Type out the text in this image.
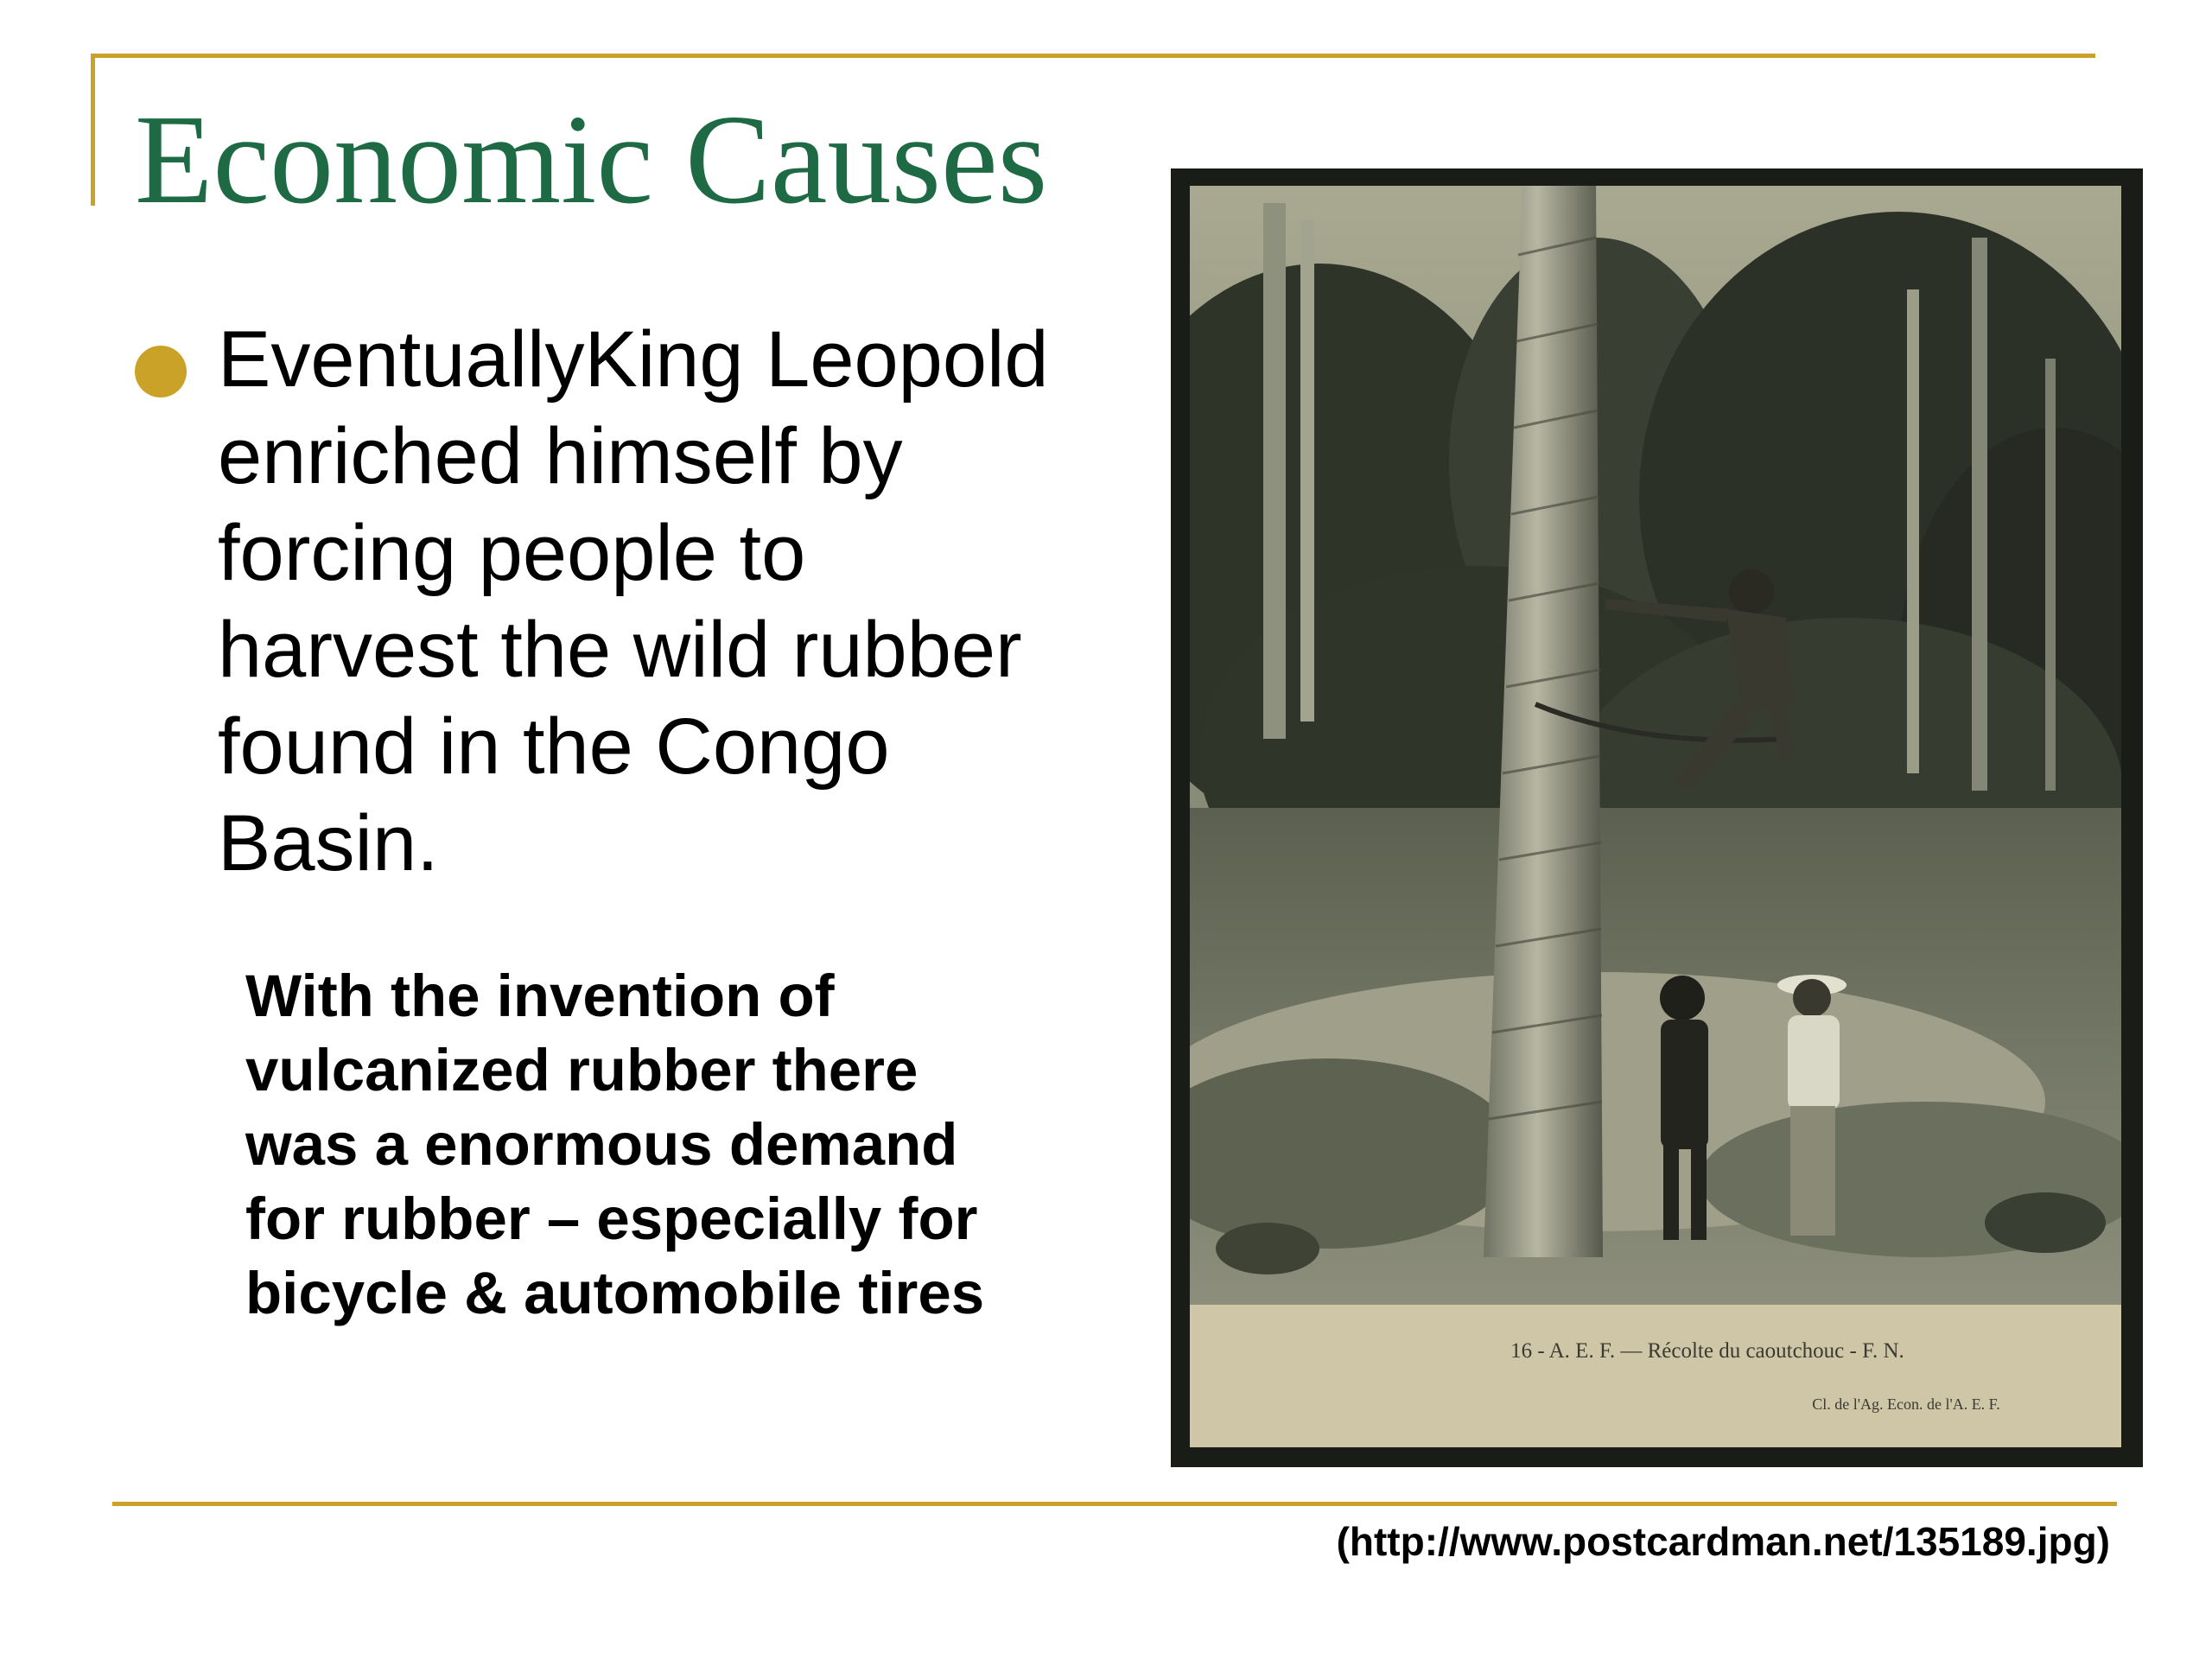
Economic Causes
EventuallyKing Leopold
enriched himself by
forcing people to
harvest the wild rubber
found in the Congo
Basin.
With the invention of
vulcanized rubber there
was a enormous demand
for rubber – especially for
bicycle & automobile tires
16 - A. E. F. — Récolte du caoutchouc - F. N.
Cl. de l'Ag. Econ. de l'A. E. F.
(http://www.postcardman.net/135189.jpg)
